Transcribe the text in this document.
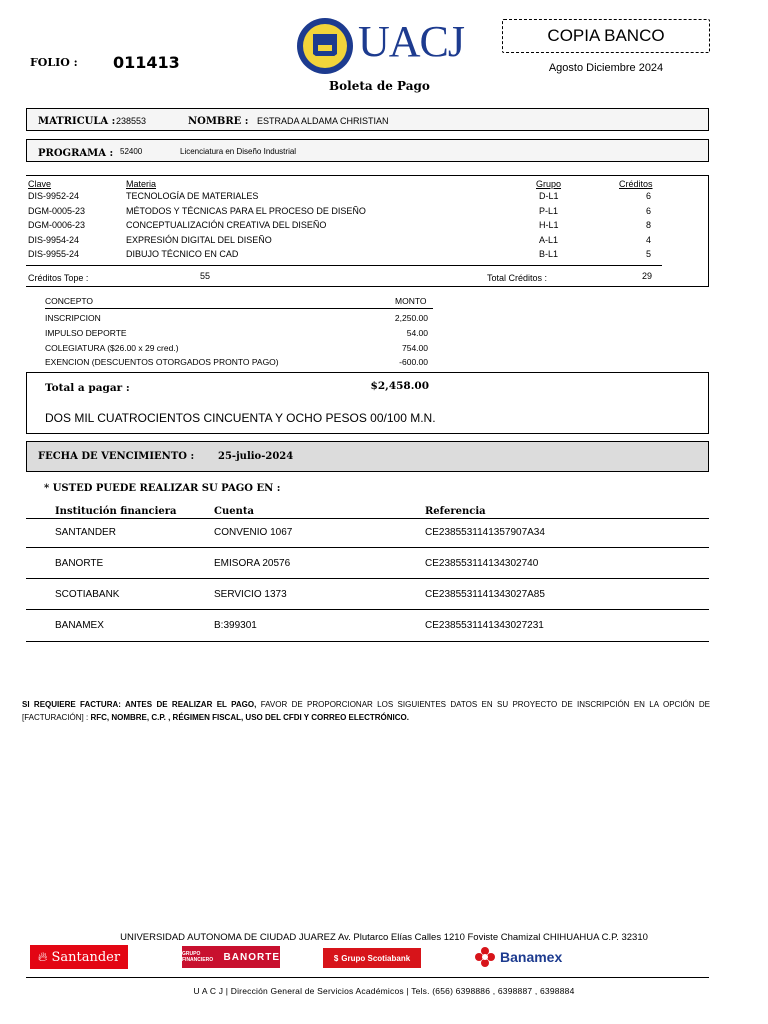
FOLIO : 011413	UACJ
Boleta de Pago
COPIA BANCO
Agosto Diciembre 2024
MATRICULA : 238553	NOMBRE : ESTRADA ALDAMA CHRISTIAN
PROGRAMA : 52400	Licenciatura en Diseño Industrial
Clave	Materia	Grupo	Créditos
DIS-9952-24	TECNOLOGÍA DE MATERIALES	D-L1	6
DGM-0005-23	MÉTODOS Y TÉCNICAS PARA EL PROCESO DE DISEÑO	P-L1	6
DGM-0006-23	CONCEPTUALIZACIÓN CREATIVA DEL DISEÑO	H-L1	8
DIS-9954-24	EXPRESIÓN DIGITAL DEL DISEÑO	A-L1	4
DIS-9955-24	DIBUJO TÉCNICO EN CAD	B-L1	5
Créditos Tope :	55	Total Créditos :	29
CONCEPTO	MONTO
INSCRIPCION	2,250.00
IMPULSO DEPORTE	54.00
COLEGIATURA ($26.00 x 29 cred.)	754.00
EXENCION (DESCUENTOS OTORGADOS PRONTO PAGO)	-600.00
Total a pagar :	$2,458.00
DOS MIL CUATROCIENTOS CINCUENTA Y OCHO PESOS 00/100 M.N.
FECHA DE VENCIMIENTO : 25-julio-2024
* USTED PUEDE REALIZAR SU PAGO EN :
Institución financiera	Cuenta	Referencia
SANTANDER	CONVENIO 1067	CE2385531141357907A34
BANORTE	EMISORA 20576	CE238553114134302740
SCOTIABANK	SERVICIO 1373	CE2385531141343027A85
BANAMEX	B:399301	CE238553114134302723‌1
SI REQUIERE FACTURA: ANTES DE REALIZAR EL PAGO, FAVOR DE PROPORCIONAR LOS SIGUIENTES DATOS EN SU PROYECTO DE INSCRIPCIÓN EN LA OPCIÓN DE [FACTURACIÓN] : RFC, NOMBRE, C.P. , RÉGIMEN FISCAL, USO DEL CFDI Y CORREO ELECTRÓNICO.
UNIVERSIDAD AUTONOMA DE CIUDAD JUAREZ Av. Plutarco Elías Calles 1210 Foviste Chamizal CHIHUAHUA C.P. 32310
🔥︎ Santander	GRUPO FINANCIERO	BANORTE	$ Grupo Scotiabank	Banamex
U A C J | Dirección General de Servicios Académicos | Tels. (656) 6398886 , 6398887 , 6398884
